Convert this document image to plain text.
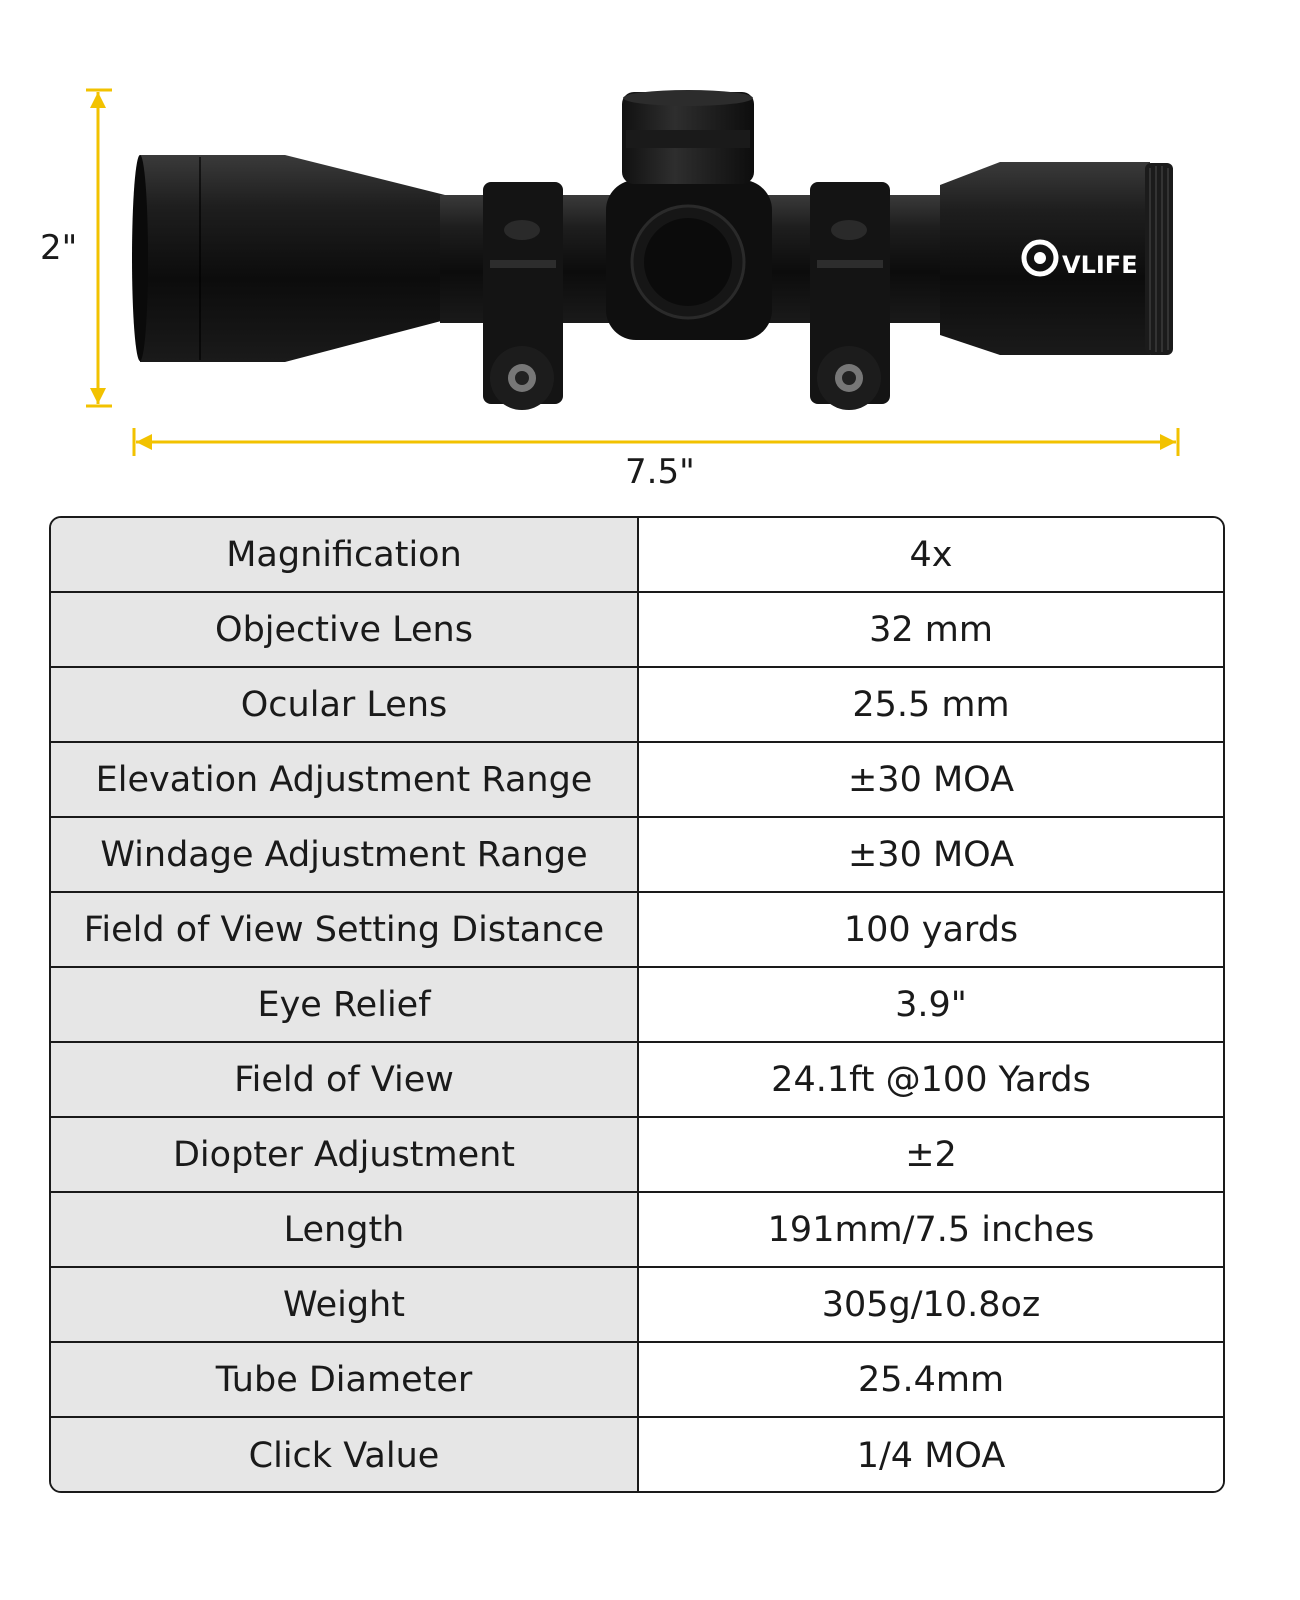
VLIFE
2"
7.5"
Magnification	4x
Objective Lens	32 mm
Ocular Lens	25.5 mm
Elevation Adjustment Range	±30 MOA
Windage Adjustment Range	±30 MOA
Field of View Setting Distance	100 yards
Eye Relief	3.9"
Field of View	24.1ft @100 Yards
Diopter Adjustment	±2
Length	191mm/7.5 inches
Weight	305g/10.8oz
Tube Diameter	25.4mm
Click Value	1/4 MOA
